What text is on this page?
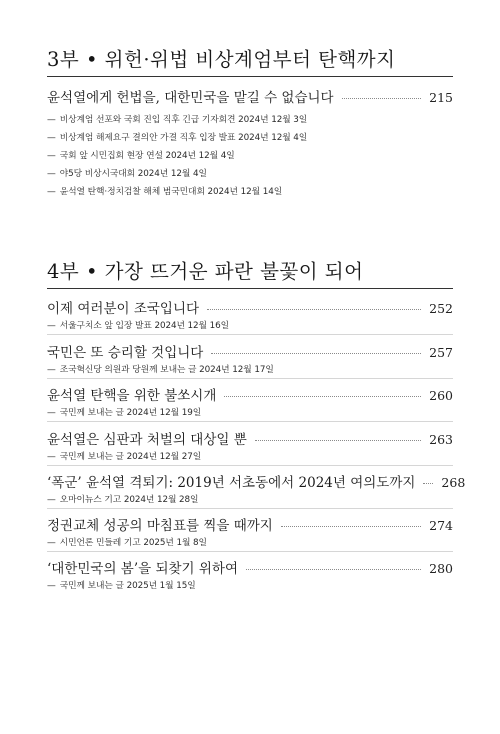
3부 • 위헌·위법 비상계엄부터 탄핵까지
윤석열에게 헌법을, 대한민국을 맡길 수 없습니다	215
— 비상계엄 선포와 국회 진입 직후 긴급 기자회견 2024년 12월 3일
— 비상계엄 해제요구 결의안 가결 직후 입장 발표 2024년 12월 4일
— 국회 앞 시민집회 현장 연설 2024년 12월 4일
— 야5당 비상시국대회 2024년 12월 4일
— 윤석열 탄핵·정치검찰 해체 범국민대회 2024년 12월 14일
4부 • 가장 뜨거운 파란 불꽃이 되어
이제 여러분이 조국입니다	252
— 서울구치소 앞 입장 발표 2024년 12월 16일
국민은 또 승리할 것입니다	257
— 조국혁신당 의원과 당원께 보내는 글 2024년 12월 17일
윤석열 탄핵을 위한 불쏘시개	260
— 국민께 보내는 글 2024년 12월 19일
윤석열은 심판과 처벌의 대상일 뿐	263
— 국민께 보내는 글 2024년 12월 27일
‘폭군’ 윤석열 격퇴기: 2019년 서초동에서 2024년 여의도까지 268
— 오마이뉴스 기고 2024년 12월 28일
정권교체 성공의 마침표를 찍을 때까지	274
— 시민언론 민들레 기고 2025년 1월 8일
‘대한민국의 봄’을 되찾기 위하여	280
— 국민께 보내는 글 2025년 1월 15일
